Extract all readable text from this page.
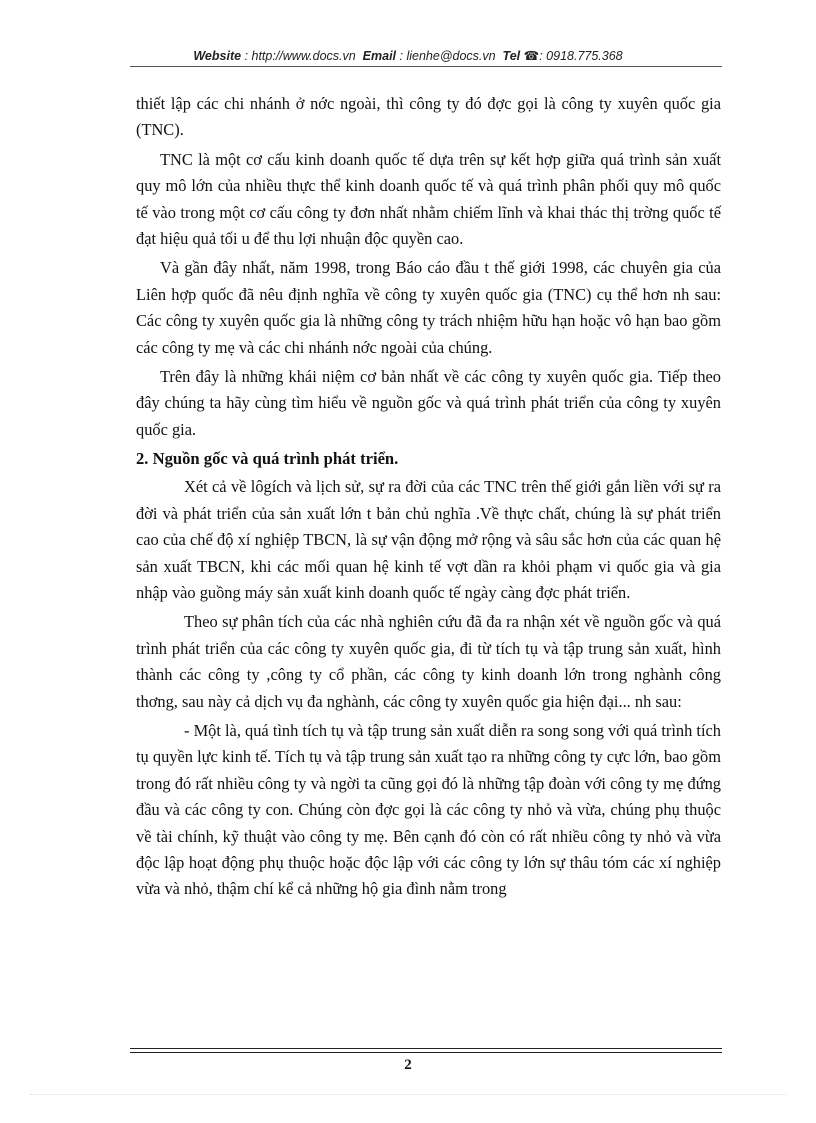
Website : http://www.docs.vn Email : lienhe@docs.vn Tel ☎: 0918.775.368

thiết lập các chi nhánh ở nớc ngoài, thì công ty đó đợc gọi là công ty xuyên quốc gia (TNC).

TNC là một cơ cấu kinh doanh quốc tế dựa trên sự kết hợp giữa quá trình sản xuất quy mô lớn của nhiều thực thể kinh doanh quốc tế và quá trình phân phối quy mô quốc tế vào trong một cơ cấu công ty đơn nhất nhằm chiếm lĩnh và khai thác thị trờng quốc tế đạt hiệu quả tối u để thu lợi nhuận độc quyền cao.

Và gần đây nhất, năm 1998, trong Báo cáo đầu t thế giới 1998, các chuyên gia của Liên hợp quốc đã nêu định nghĩa về công ty xuyên quốc gia (TNC) cụ thể hơn nh sau: Các công ty xuyên quốc gia là những công ty trách nhiệm hữu hạn hoặc vô hạn bao gồm các công ty mẹ và các chi nhánh nớc ngoài của chúng.

Trên đây là những khái niệm cơ bản nhất về các công ty xuyên quốc gia. Tiếp theo đây chúng ta hãy cùng tìm hiểu về nguồn gốc và quá trình phát triển của công ty xuyên quốc gia.

2. Nguồn gốc và quá trình phát triển.

Xét cả về lôgích và lịch sử, sự ra đời của các TNC trên thế giới gắn liền với sự ra đời và phát triển của sản xuất lớn t bản chủ nghĩa .Về thực chất, chúng là sự phát triển cao của chế độ xí nghiệp TBCN, là sự vận động mở rộng và sâu sắc hơn của các quan hệ sản xuất TBCN, khi các mối quan hệ kinh tế vợt dần ra khỏi phạm vi quốc gia và gia nhập vào guồng máy sản xuất kinh doanh quốc tế ngày càng đợc phát triển.

Theo sự phân tích của các nhà nghiên cứu đã đa ra nhận xét về nguồn gốc và quá trình phát triển của các công ty xuyên quốc gia, đi từ tích tụ và tập trung sản xuất, hình thành các công ty ,công ty cổ phần, các công ty kinh doanh lớn trong nghành công thơng, sau này cả dịch vụ đa nghành, các công ty xuyên quốc gia hiện đại... nh sau:

- Một là, quá tình tích tụ và tập trung sản xuất diễn ra song song với quá trình tích tụ quyền lực kinh tế. Tích tụ và tập trung sản xuất tạo ra những công ty cực lớn, bao gồm trong đó rất nhiều công ty và ngời ta cũng gọi đó là những tập đoàn với công ty mẹ đứng đầu và các công ty con. Chúng còn đợc gọi là các công ty nhỏ và vừa, chúng phụ thuộc về tài chính, kỹ thuật vào công ty mẹ. Bên cạnh đó còn có rất nhiều công ty nhỏ và vừa độc lập hoạt động phụ thuộc hoặc độc lập với các công ty lớn sự thâu tóm các xí nghiệp vừa và nhỏ, thậm chí kể cả những hộ gia đình nằm trong

2
